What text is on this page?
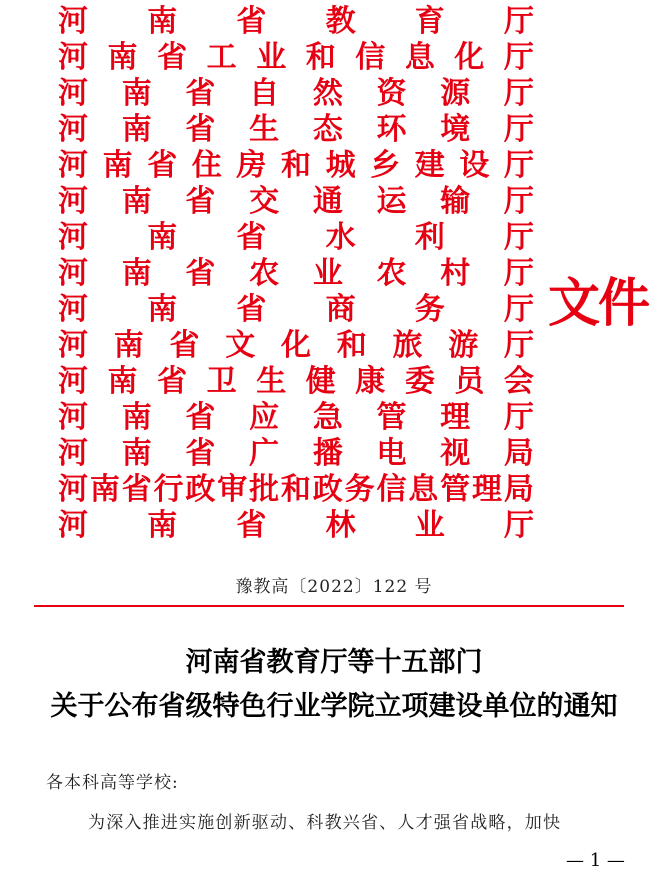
河 南 省 教 育 厅
河 南 省 工 业 和 信 息 化 厅
河 南 省 自 然 资 源 厅
河 南 省 生 态 环 境 厅
河 南 省 住 房 和 城 乡 建 设 厅
河 南 省 交 通 运 输 厅
河 南 省 水 利 厅
河 南 省 农 业 农 村 厅
河 南 省 商 务 厅
河 南 省 文 化 和 旅 游 厅
河 南 省 卫 生 健 康 委 员 会
河 南 省 应 急 管 理 厅
河 南 省 广 播 电 视 局
河 南 省 行 政 审 批 和 政 务 信 息 管 理 局
河 南 省 林 业 厅
文件
豫教高〔2022〕122 号
河南省教育厅等十五部门
关于公布省级特色行业学院立项建设单位的通知
各本科高等学校:
为深入推进实施创新驱动、科教兴省、人才强省战略，加快
— 1 —
